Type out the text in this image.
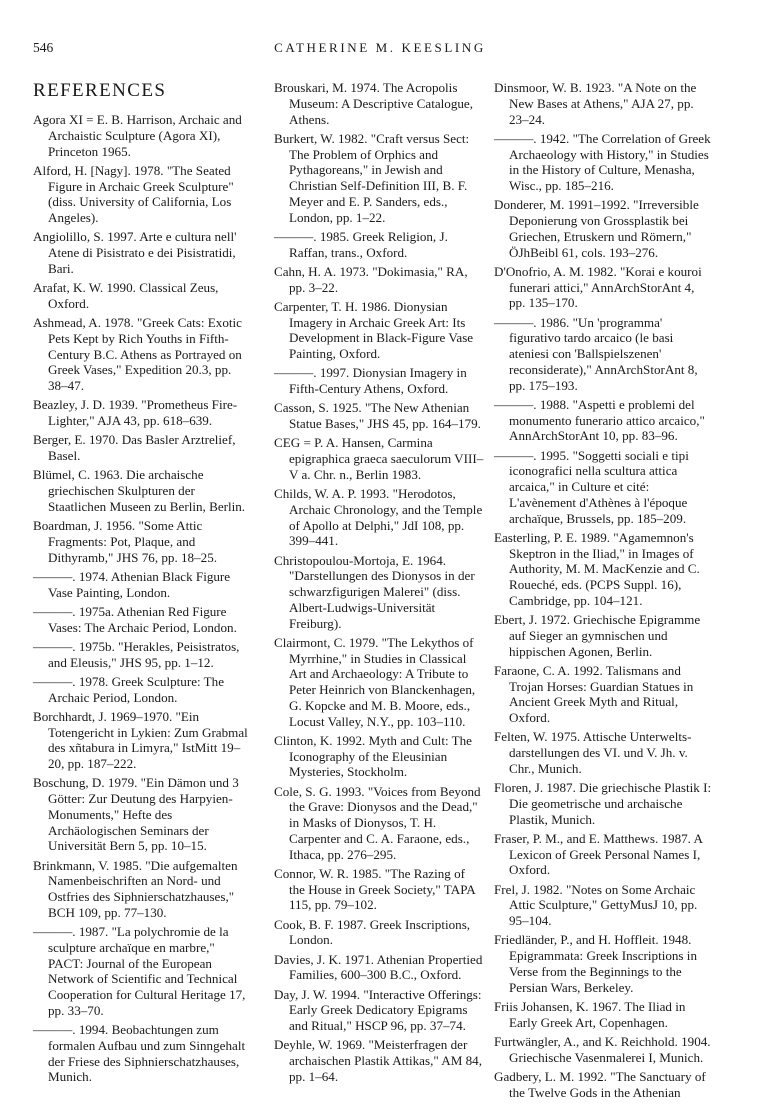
546	CATHERINE M. KEESLING
REFERENCES
Agora XI = E. B. Harrison, Archaic and Archaistic Sculpture (Agora XI), Princeton 1965.
Alford, H. [Nagy]. 1978. "The Seated Figure in Archaic Greek Sculpture" (diss. University of California, Los Angeles).
Angiolillo, S. 1997. Arte e cultura nell' Atene di Pisistrato e dei Pisistratidi, Bari.
Arafat, K. W. 1990. Classical Zeus, Oxford.
Ashmead, A. 1978. "Greek Cats: Exotic Pets Kept by Rich Youths in Fifth-Century B.C. Athens as Portrayed on Greek Vases," Expedition 20.3, pp. 38–47.
Beazley, J. D. 1939. "Prometheus Fire-Lighter," AJA 43, pp. 618–639.
Berger, E. 1970. Das Basler Arztrelief, Basel.
Blümel, C. 1963. Die archaische griechischen Skulpturen der Staatlichen Museen zu Berlin, Berlin.
Boardman, J. 1956. "Some Attic Fragments: Pot, Plaque, and Dithyramb," JHS 76, pp. 18–25.
———. 1974. Athenian Black Figure Vase Painting, London.
———. 1975a. Athenian Red Figure Vases: The Archaic Period, London.
———. 1975b. "Herakles, Peisistratos, and Eleusis," JHS 95, pp. 1–12.
———. 1978. Greek Sculpture: The Archaic Period, London.
Borchhardt, J. 1969–1970. "Ein Totengericht in Lykien: Zum Grabmal des xñtabura in Limyra," IstMitt 19–20, pp. 187–222.
Boschung, D. 1979. "Ein Dämon und 3 Götter: Zur Deutung des Harpyien-Monuments," Hefte des Archäologischen Seminars der Universität Bern 5, pp. 10–15.
Brinkmann, V. 1985. "Die aufgemalten Namenbeischriften an Nord- und Ostfries des Siphnierschatzhauses," BCH 109, pp. 77–130.
———. 1987. "La polychromie de la sculpture archaïque en marbre," PACT: Journal of the European Network of Scientific and Technical Cooperation for Cultural Heritage 17, pp. 33–70.
———. 1994. Beobachtungen zum formalen Aufbau und zum Sinngehalt der Friese des Siphnierschatzhauses, Munich.
Brouskari, M. 1974. The Acropolis Museum: A Descriptive Catalogue, Athens.
Burkert, W. 1982. "Craft versus Sect: The Problem of Orphics and Pythagoreans," in Jewish and Christian Self-Definition III, B. F. Meyer and E. P. Sanders, eds., London, pp. 1–22.
———. 1985. Greek Religion, J. Raffan, trans., Oxford.
Cahn, H. A. 1973. "Dokimasia," RA, pp. 3–22.
Carpenter, T. H. 1986. Dionysian Imagery in Archaic Greek Art: Its Development in Black-Figure Vase Painting, Oxford.
———. 1997. Dionysian Imagery in Fifth-Century Athens, Oxford.
Casson, S. 1925. "The New Athenian Statue Bases," JHS 45, pp. 164–179.
CEG = P. A. Hansen, Carmina epigraphica graeca saeculorum VIII–V a. Chr. n., Berlin 1983.
Childs, W. A. P. 1993. "Herodotos, Archaic Chronology, and the Temple of Apollo at Delphi," JdI 108, pp. 399–441.
Christopoulou-Mortoja, E. 1964. "Darstellungen des Dionysos in der schwarzfigurigen Malerei" (diss. Albert-Ludwigs-Universität Freiburg).
Clairmont, C. 1979. "The Lekythos of Myrrhine," in Studies in Classical Art and Archaeology: A Tribute to Peter Heinrich von Blanckenhagen, G. Kopcke and M. B. Moore, eds., Locust Valley, N.Y., pp. 103–110.
Clinton, K. 1992. Myth and Cult: The Iconography of the Eleusinian Mysteries, Stockholm.
Cole, S. G. 1993. "Voices from Beyond the Grave: Dionysos and the Dead," in Masks of Dionysos, T. H. Carpenter and C. A. Faraone, eds., Ithaca, pp. 276–295.
Connor, W. R. 1985. "The Razing of the House in Greek Society," TAPA 115, pp. 79–102.
Cook, B. F. 1987. Greek Inscriptions, London.
Davies, J. K. 1971. Athenian Propertied Families, 600–300 B.C., Oxford.
Day, J. W. 1994. "Interactive Offerings: Early Greek Dedicatory Epigrams and Ritual," HSCP 96, pp. 37–74.
Deyhle, W. 1969. "Meisterfragen der archaischen Plastik Attikas," AM 84, pp. 1–64.
Dinsmoor, W. B. 1923. "A Note on the New Bases at Athens," AJA 27, pp. 23–24.
———. 1942. "The Correlation of Greek Archaeology with History," in Studies in the History of Culture, Menasha, Wisc., pp. 185–216.
Donderer, M. 1991–1992. "Irreversible Deponierung von Grossplastik bei Griechen, Etruskern und Römern," ÖJhBeibl 61, cols. 193–276.
D'Onofrio, A. M. 1982. "Korai e kouroi funerari attici," AnnArchStorAnt 4, pp. 135–170.
———. 1986. "Un 'programma' figurativo tardo arcaico (le basi ateniesi con 'Ballspielszenen' reconsiderate)," AnnArchStorAnt 8, pp. 175–193.
———. 1988. "Aspetti e problemi del monumento funerario attico arcaico," AnnArchStorAnt 10, pp. 83–96.
———. 1995. "Soggetti sociali e tipi iconografici nella scultura attica arcaica," in Culture et cité: L'avènement d'Athènes à l'époque archaïque, Brussels, pp. 185–209.
Easterling, P. E. 1989. "Agamemnon's Skeptron in the Iliad," in Images of Authority, M. M. MacKenzie and C. Roueché, eds. (PCPS Suppl. 16), Cambridge, pp. 104–121.
Ebert, J. 1972. Griechische Epigramme auf Sieger an gymnischen und hippischen Agonen, Berlin.
Faraone, C. A. 1992. Talismans and Trojan Horses: Guardian Statues in Ancient Greek Myth and Ritual, Oxford.
Felten, W. 1975. Attische Unterwelts-darstellungen des VI. und V. Jh. v. Chr., Munich.
Floren, J. 1987. Die griechische Plastik I: Die geometrische und archaische Plastik, Munich.
Fraser, P. M., and E. Matthews. 1987. A Lexicon of Greek Personal Names I, Oxford.
Frel, J. 1982. "Notes on Some Archaic Attic Sculpture," GettyMusJ 10, pp. 95–104.
Friedländer, P., and H. Hoffleit. 1948. Epigrammata: Greek Inscriptions in Verse from the Beginnings to the Persian Wars, Berkeley.
Friis Johansen, K. 1967. The Iliad in Early Greek Art, Copenhagen.
Furtwängler, A., and K. Reichhold. 1904. Griechische Vasenmalerei I, Munich.
Gadbery, L. M. 1992. "The Sanctuary of the Twelve Gods in the Athenian
